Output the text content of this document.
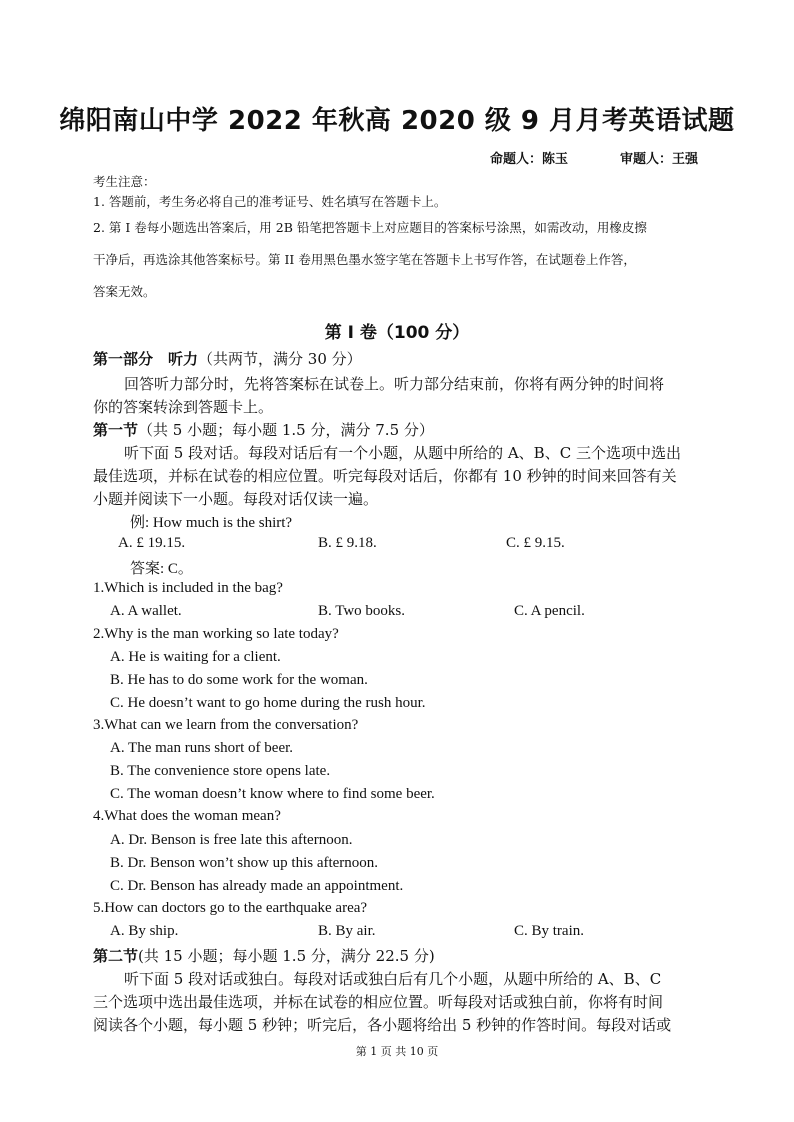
绵阳南山中学 2022 年秋高 2020 级 9 月月考英语试题
命题人：陈玉	审题人：王强
考生注意：
1. 答题前，考生务必将自己的准考证号、姓名填写在答题卡上。
2. 第 I 卷每小题选出答案后，用 2B 铅笔把答题卡上对应题目的答案标号涂黑，如需改动，用橡皮擦
干净后，再选涂其他答案标号。第 II 卷用黑色墨水签字笔在答题卡上书写作答，在试题卷上作答，
答案无效。
第 I 卷（100 分）
第一部分　听力（共两节，满分 30 分）
回答听力部分时，先将答案标在试卷上。听力部分结束前，你将有两分钟的时间将
你的答案转涂到答题卡上。
第一节（共 5 小题；每小题 1.5 分，满分 7.5 分）
听下面 5 段对话。每段对话后有一个小题，从题中所给的 A、B、C 三个选项中选出
最佳选项，并标在试卷的相应位置。听完每段对话后，你都有 10 秒钟的时间来回答有关
小题并阅读下一小题。每段对话仅读一遍。
例: How much is the shirt?
A. £ 19.15.	B. £ 9.18.	C. £ 9.15.
答案: C。
1.Which is included in the bag?
A. A wallet.	B. Two books.	C. A pencil.
2.Why is the man working so late today?
A. He is waiting for a client.
B. He has to do some work for the woman.
C. He doesn’t want to go home during the rush hour.
3.What can we learn from the conversation?
A. The man runs short of beer.
B. The convenience store opens late.
C. The woman doesn’t know where to find some beer.
4.What does the woman mean?
A. Dr. Benson is free late this afternoon.
B. Dr. Benson won’t show up this afternoon.
C. Dr. Benson has already made an appointment.
5.How can doctors go to the earthquake area?
A. By ship.	B. By air.	C. By train.
第二节(共 15 小题；每小题 1.5 分，满分 22.5 分)
听下面 5 段对话或独白。每段对话或独白后有几个小题，从题中所给的 A、B、C
三个选项中选出最佳选项，并标在试卷的相应位置。听每段对话或独白前，你将有时间
阅读各个小题，每小题 5 秒钟；听完后，各小题将给出 5 秒钟的作答时间。每段对话或
第 1 页 共 10 页
